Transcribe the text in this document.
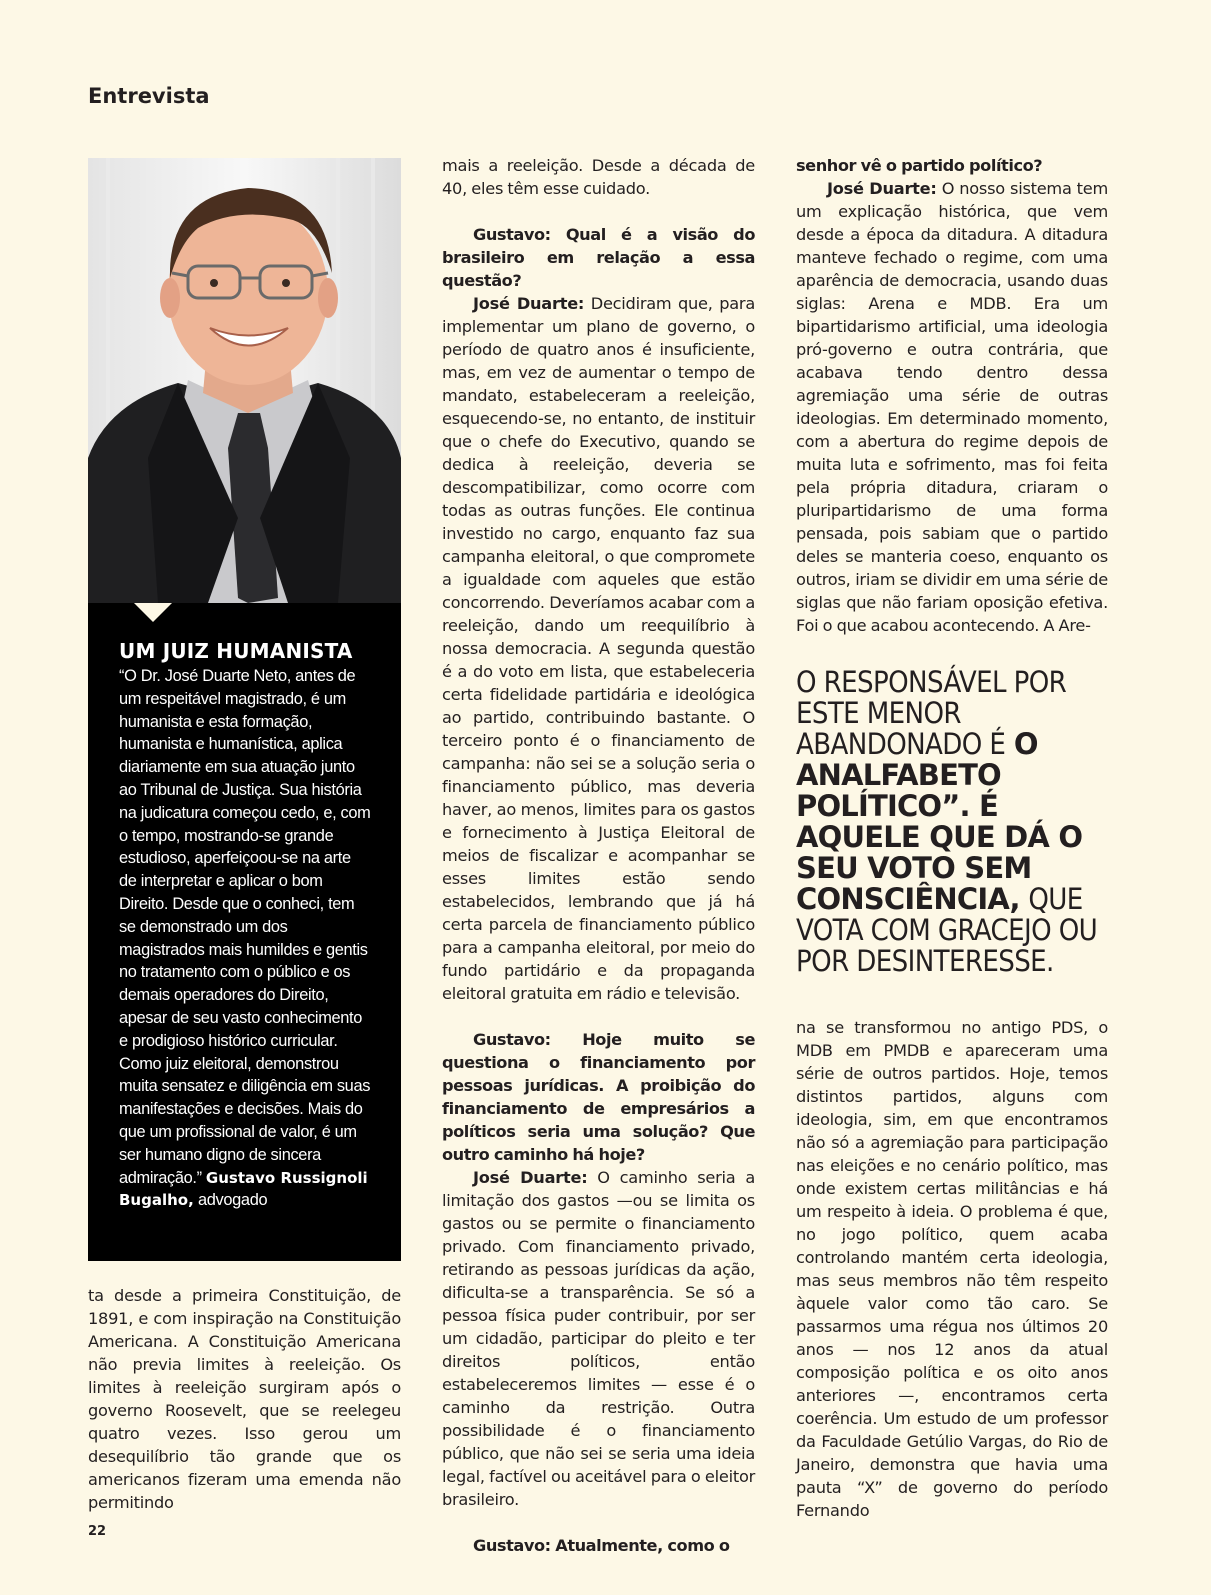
Entrevista
UM JUIZ HUMANISTA

“O Dr. José Duarte Neto, antes de um respeitável magistrado, é um humanista e esta formação, humanista e humanística, aplica diariamente em sua atuação junto ao Tribunal de Justiça. Sua história na judicatura começou cedo, e, com o tempo, mostrando-se grande estudioso, aperfeiçoou-se na arte de interpretar e aplicar o bom Direito. Desde que o conheci, tem se demonstrado um dos magistrados mais humildes e gentis no tratamento com o público e os demais operadores do Direito, apesar de seu vasto conhecimento e prodigioso histórico curricular. Como juiz eleitoral, demonstrou muita sensatez e diligência em suas manifestações e decisões. Mais do que um profissional de valor, é um ser humano digno de sincera admiração.” Gustavo Russignoli Bugalho, advogado

ta desde a primeira Constituição, de 1891, e com inspiração na Constituição Americana. A Constituição Americana não previa limites à reeleição. Os limites à reeleição surgiram após o governo Roosevelt, que se reelegeu quatro vezes. Isso gerou um desequilíbrio tão grande que os americanos fizeram uma emenda não permitindo

mais a reeleição. Desde a década de 40, eles têm esse cuidado.

Gustavo: Qual é a visão do brasileiro em relação a essa questão?

José Duarte: Decidiram que, para implementar um plano de governo, o período de quatro anos é insuficiente, mas, em vez de aumentar o tempo de mandato, estabeleceram a reeleição, esquecendo-se, no entanto, de instituir que o chefe do Executivo, quando se dedica à reeleição, deveria se descompatibilizar, como ocorre com todas as outras funções. Ele continua investido no cargo, enquanto faz sua campanha eleitoral, o que compromete a igualdade com aqueles que estão concorrendo. Deveríamos acabar com a reeleição, dando um reequilíbrio à nossa democracia. A segunda questão é a do voto em lista, que estabeleceria certa fidelidade partidária e ideológica ao partido, contribuindo bastante. O terceiro ponto é o financiamento de campanha: não sei se a solução seria o financiamento público, mas deveria haver, ao menos, limites para os gastos e fornecimento à Justiça Eleitoral de meios de fiscalizar e acompanhar se esses limites estão sendo estabelecidos, lembrando que já há certa parcela de financiamento público para a campanha eleitoral, por meio do fundo partidário e da propaganda eleitoral gratuita em rádio e televisão.

Gustavo: Hoje muito se questiona o financiamento por pessoas jurídicas. A proibição do financiamento de empresários a políticos seria uma solução? Que outro caminho há hoje?

José Duarte: O caminho seria a limitação dos gastos —ou se limita os gastos ou se permite o financiamento privado. Com financiamento privado, retirando as pessoas jurídicas da ação, dificulta-se a transparência. Se só a pessoa física puder contribuir, por ser um cidadão, participar do pleito e ter direitos políticos, então estabeleceremos limites — esse é o caminho da restrição. Outra possibilidade é o financiamento público, que não sei se seria uma ideia legal, factível ou aceitável para o eleitor brasileiro.

Gustavo: Atualmente, como o

senhor vê o partido político?

José Duarte: O nosso sistema tem um explicação histórica, que vem desde a época da ditadura. A ditadura manteve fechado o regime, com uma aparência de democracia, usando duas siglas: Arena e MDB. Era um bipartidarismo artificial, uma ideologia pró-governo e outra contrária, que acabava tendo dentro dessa agremiação uma série de outras ideologias. Em determinado momento, com a abertura do regime depois de muita luta e sofrimento, mas foi feita pela própria ditadura, criaram o pluripartidarismo de uma forma pensada, pois sabiam que o partido deles se manteria coeso, enquanto os outros, iriam se dividir em uma série de siglas que não fariam oposição efetiva. Foi o que acabou acontecendo. A Are-

O RESPONSÁVEL POR ESTE MENOR ABANDONADO É O ANALFABETO POLÍTICO”. É AQUELE QUE DÁ O SEU VOTO SEM CONSCIÊNCIA, QUE VOTA COM GRACEJO OU POR DESINTERESSE.

na se transformou no antigo PDS, o MDB em PMDB e apareceram uma série de outros partidos. Hoje, temos distintos partidos, alguns com ideologia, sim, em que encontramos não só a agremiação para participação nas eleições e no cenário político, mas onde existem certas militâncias e há um respeito à ideia. O problema é que, no jogo político, quem acaba controlando mantém certa ideologia, mas seus membros não têm respeito àquele valor como tão caro. Se passarmos uma régua nos últimos 20 anos — nos 12 anos da atual composição política e os oito anos anteriores —, encontramos certa coerência. Um estudo de um professor da Faculdade Getúlio Vargas, do Rio de Janeiro, demonstra que havia uma pauta “X” de governo do período Fernando

22
